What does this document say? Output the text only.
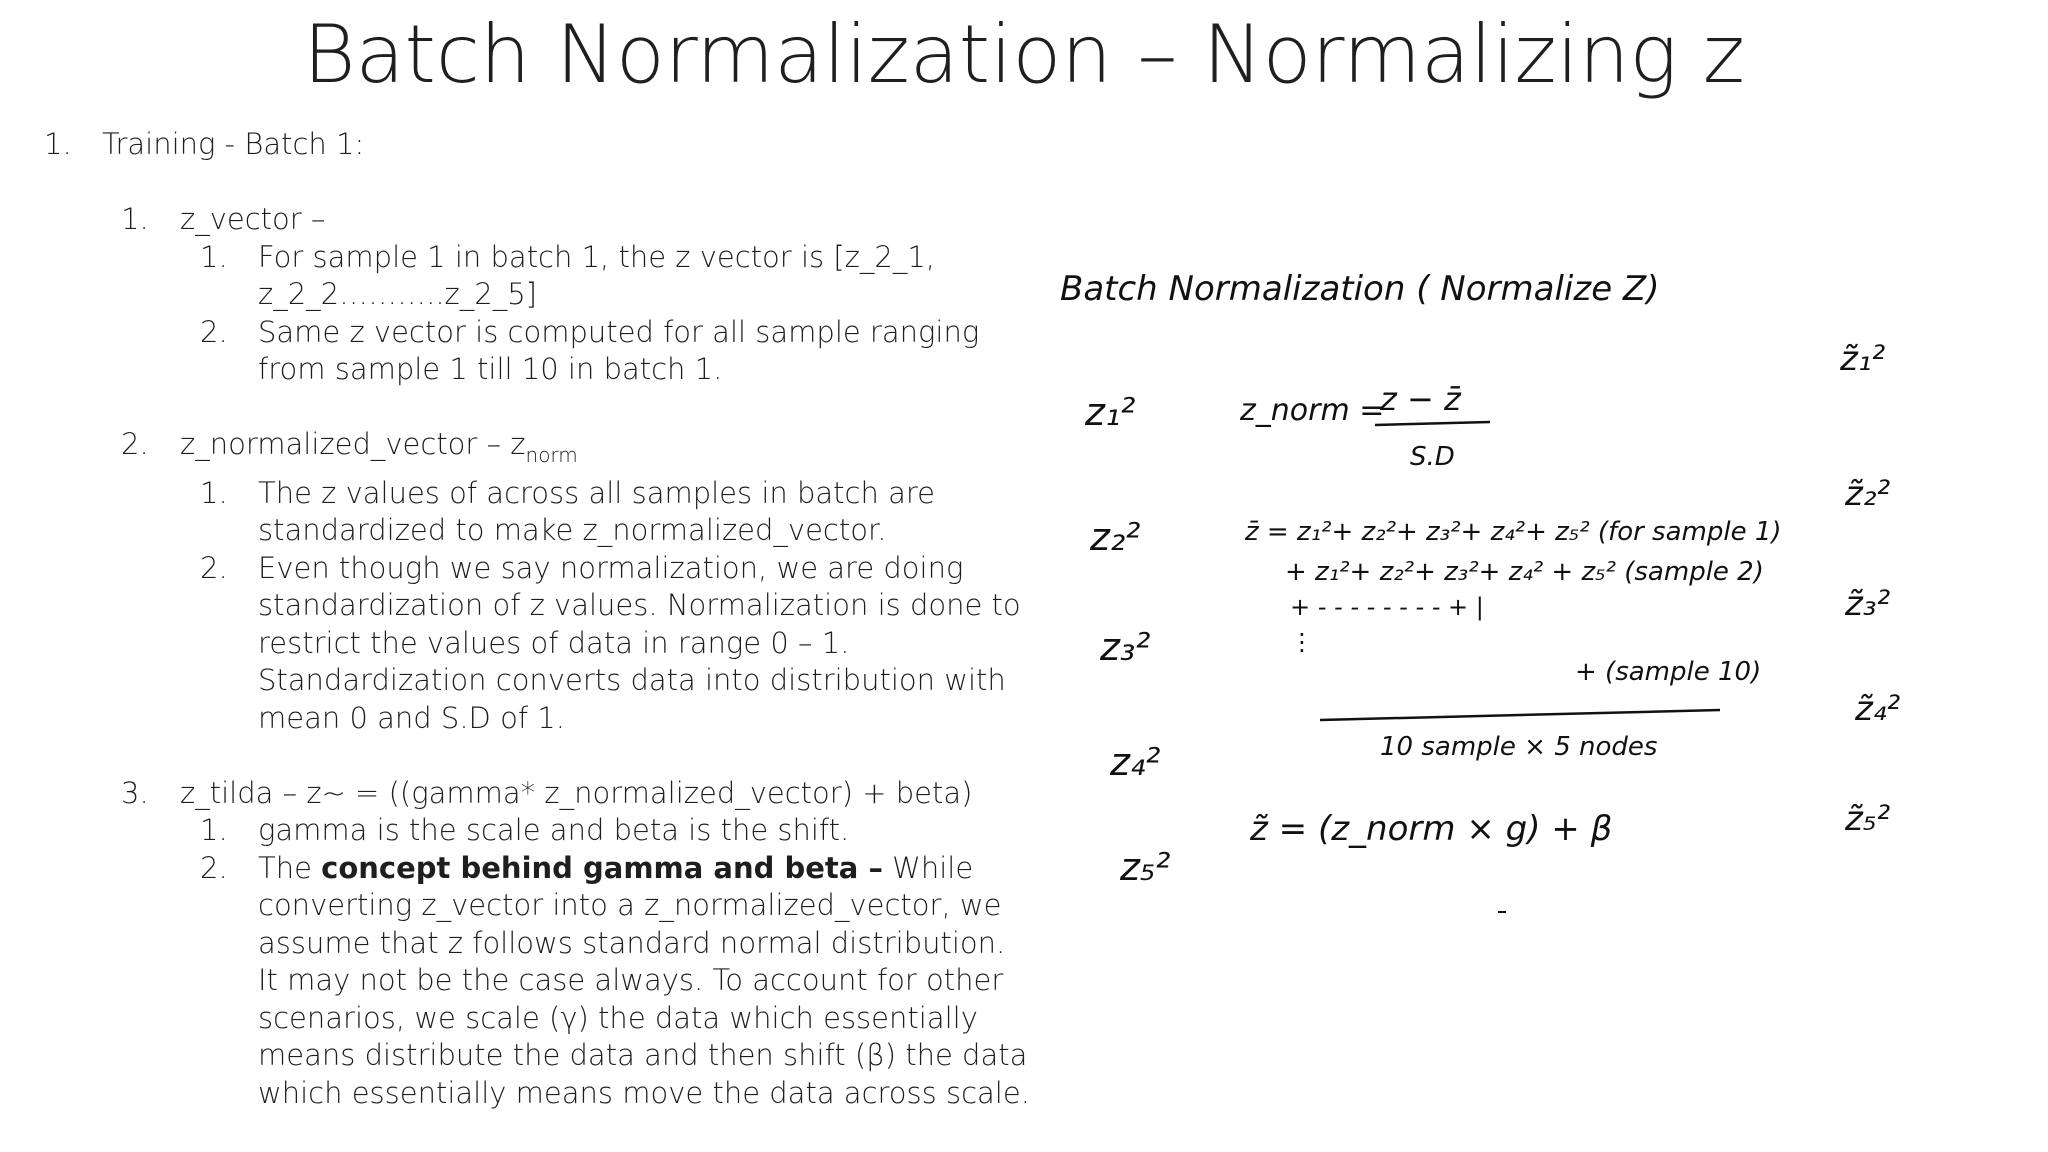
Batch Normalization – Normalizing z
1. Training - Batch 1:
1. z_vector –
1. For sample 1 in batch 1, the z vector is [z_2_1,
z_2_2………..z_2_5]
2. Same z vector is computed for all sample ranging
from sample 1 till 10 in batch 1.
2. z_normalized_vector – $z_{norm}$
1. The z values of across all samples in batch are
standardized to make z_normalized_vector.
2. Even though we say normalization, we are doing
standardization of z values. Normalization is done to
restrict the values of data in range 0 – 1.
Standardization converts data into distribution with
mean 0 and S.D of 1.
3. z_tilda – z~ = ((gamma* z_normalized_vector) + beta)
1. gamma is the scale and beta is the shift.
2. The concept behind gamma and beta – While
converting z_vector into a z_normalized_vector, we
assume that z follows standard normal distribution.
It may not be the case always. To account for other
scenarios, we scale (γ) the data which essentially
means distribute the data and then shift (β) the data
which essentially means move the data across scale.
Batch Normalization ( Normalize Z)
z₁²
z₂²
z₃²
z₄²
z₅²
z̃₁²
z̃₂²
z̃₃²
z̃₄²
z̃₅²
z_norm =
z − z̄
S.D
z̄ = z₁²+ z₂²+ z₃²+ z₄²+ z₅² (for sample 1)
+ z₁²+ z₂²+ z₃²+ z₄² + z₅² (sample 2)
+ - - - - - - - - + |
⋮
+ (sample 10)
10 sample × 5 nodes
z̃ = (z_norm × g) + β
